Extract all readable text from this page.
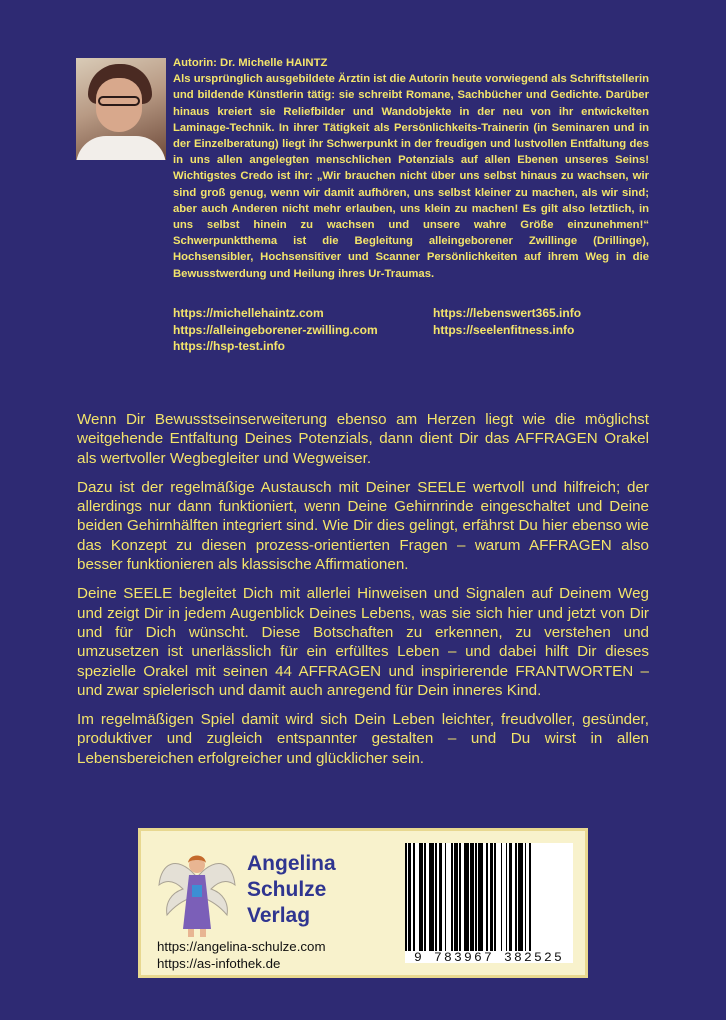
Autorin: Dr. Michelle HAINTZ

Als ursprünglich ausgebildete Ärztin ist die Autorin heute vorwiegend als Schriftstellerin und bildende Künstlerin tätig: sie schreibt Romane, Sachbücher und Gedichte. Darüber hinaus kreiert sie Reliefbilder und Wandobjekte in der neu von ihr entwickelten Laminage-Technik. In ihrer Tätigkeit als Persönlichkeits-Trainerin (in Seminaren und in der Einzelberatung) liegt ihr Schwerpunkt in der freudigen und lustvollen Entfaltung des in uns allen angelegten menschlichen Potenzials auf allen Ebenen unseres Seins! Wichtigstes Credo ist ihr: „Wir brauchen nicht über uns selbst hinaus zu wachsen, wir sind groß genug, wenn wir damit aufhören, uns selbst kleiner zu machen, als wir sind; aber auch Anderen nicht mehr erlauben, uns klein zu machen! Es gilt also letztlich, in uns selbst hinein zu wachsen und unsere wahre Größe einzunehmen!“ Schwerpunktthema ist die Begleitung alleingeborener Zwillinge (Drillinge), Hochsensibler, Hochsensitiver und Scanner Persönlichkeiten auf ihrem Weg in die Bewusstwerdung und Heilung ihres Ur-Traumas.

https://michellehaintz.com	https://lebenswert365.info
https://alleingeborener-zwilling.com	https://seelenfitness.info
https://hsp-test.info

Wenn Dir Bewusstseinserweiterung ebenso am Herzen liegt wie die möglichst weitgehende Entfaltung Deines Potenzials, dann dient Dir das AFFRAGEN Orakel als wertvoller Wegbegleiter und Wegweiser.

Dazu ist der regelmäßige Austausch mit Deiner SEELE wertvoll und hilfreich; der allerdings nur dann funktioniert, wenn Deine Gehirnrinde eingeschaltet und Deine beiden Gehirnhälften integriert sind. Wie Dir dies gelingt, erfährst Du hier ebenso wie das Konzept zu diesen prozess-orientierten Fragen – warum AFFRAGEN also besser funktionieren als klassische Affirmationen.

Deine SEELE begleitet Dich mit allerlei Hinweisen und Signalen auf Deinem Weg und zeigt Dir in jedem Augenblick Deines Lebens, was sie sich hier und jetzt von Dir und für Dich wünscht. Diese Botschaften zu erkennen, zu verstehen und umzusetzen ist unerlässlich für ein erfülltes Leben – und dabei hilft Dir dieses spezielle Orakel mit seinen 44 AFFRAGEN und inspirierende FRANTWORTEN – und zwar spielerisch und damit auch anregend für Dein inneres Kind.

Im regelmäßigen Spiel damit wird sich Dein Leben leichter, freudvoller, gesünder, produktiver und zugleich entspannter gestalten – und Du wirst in allen Lebensbereichen erfolgreicher und glücklicher sein.

Angelina
Schulze
Verlag
https://angelina-schulze.com
https://as-infothek.de	9 783967 382525
